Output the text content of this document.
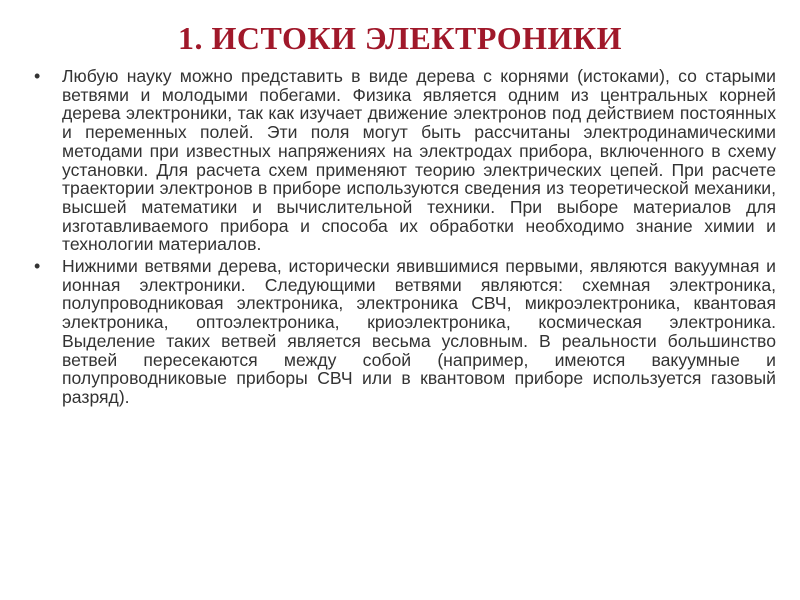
1. ИСТОКИ ЭЛЕКТРОНИКИ
• Любую науку можно представить в виде дерева с корнями (истоками), со старыми ветвями и молодыми побегами. Физика является одним из центральных корней дерева электроники, так как изучает движение электронов под действием постоянных и переменных полей. Эти поля могут быть рассчитаны электродинамическими методами при известных напряжениях на электродах прибора, включенного в схему установки. Для расчета схем применяют теорию электрических цепей. При расчете траектории электронов в приборе используются сведения из теоретической механики, высшей математики и вычислительной техники. При выборе материалов для изготавливаемого прибора и способа их обработки необходимо знание химии и технологии материалов.
• Нижними ветвями дерева, исторически явившимися первыми, являются вакуумная и ионная электроники. Следующими ветвями являются: схемная электроника, полупроводниковая электроника, электроника СВЧ, микроэлектроника, квантовая электроника, оптоэлектроника, криоэлектроника, космическая электроника. Выделение таких ветвей является весьма условным. В реальности большинство ветвей пересекаются между собой (например, имеются вакуумные и полупроводниковые приборы СВЧ или в квантовом приборе используется газовый разряд).
